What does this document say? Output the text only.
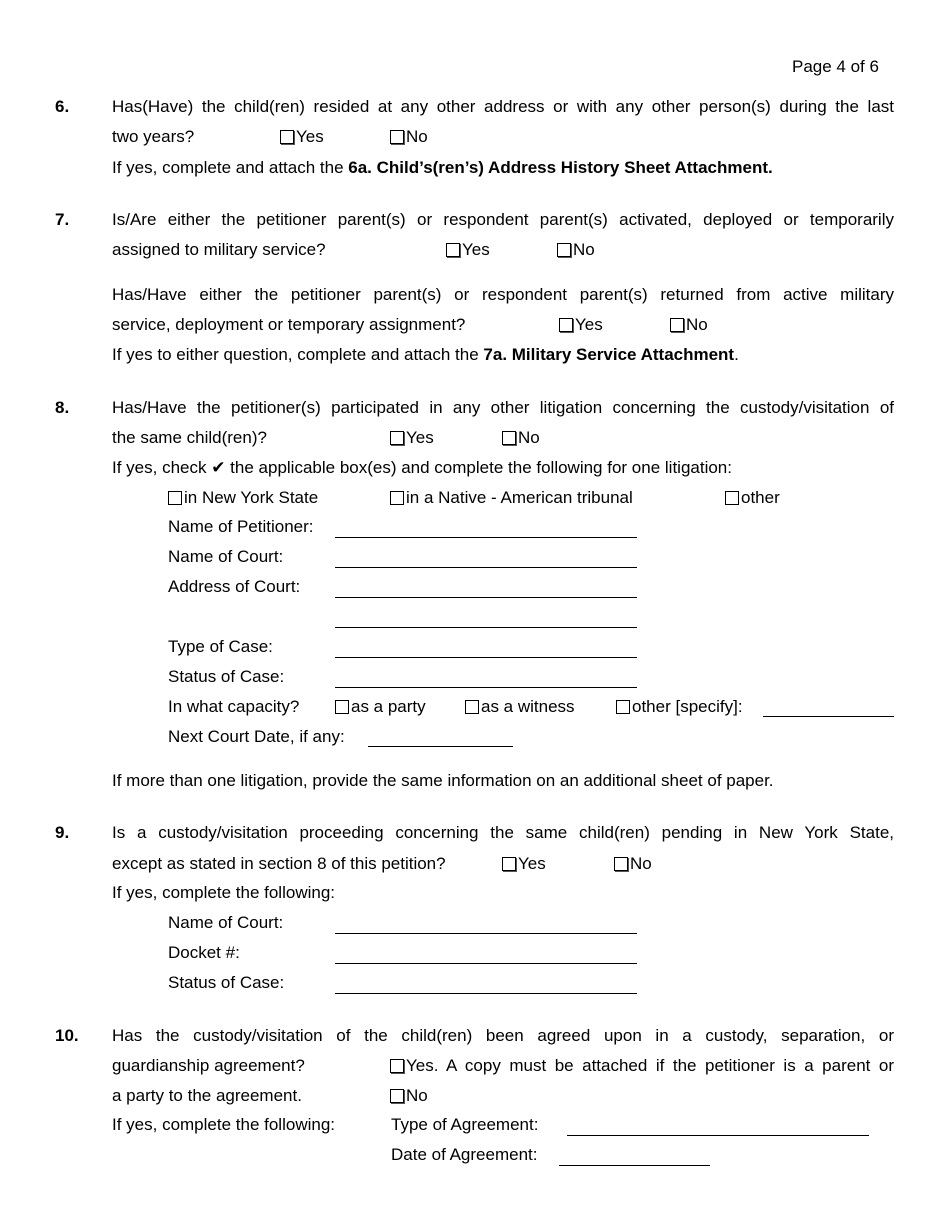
Page 4 of 6
6.	Has(Have) the child(ren) resided at any other address or with any other person(s) during the last
two years?	Yes	No
If yes, complete and attach the 6a. Child’s(ren’s) Address History Sheet Attachment.
7.	Is/Are either the petitioner parent(s) or respondent parent(s) activated, deployed or temporarily
assigned to military service?	Yes	No
Has/Have either the petitioner parent(s) or respondent parent(s) returned from active military
service, deployment or temporary assignment?	Yes	No
If yes to either question, complete and attach the 7a. Military Service Attachment.
8.	Has/Have the petitioner(s) participated in any other litigation concerning the custody/visitation of
the same child(ren)?	Yes	No
If yes, check ✔ the applicable box(es) and complete the following for one litigation:
in New York State	in a Native - American tribunal	other
Name of Petitioner:
Name of Court:
Address of Court:
Type of Case:
Status of Case:
In what capacity?	as a party	as a witness	other [specify]:
Next Court Date, if any:
If more than one litigation, provide the same information on an additional sheet of paper.
9.	Is a custody/visitation proceeding concerning the same child(ren) pending in New York State,
except as stated in section 8 of this petition?	Yes	No
If yes, complete the following:
Name of Court:
Docket #:
Status of Case:
10. Has the custody/visitation of the child(ren) been agreed upon in a custody, separation, or
guardianship agreement?	Yes. A copy must be attached if the petitioner is a parent or
a party to the agreement.	No
If yes, complete the following:	Type of Agreement:
Date of Agreement:
